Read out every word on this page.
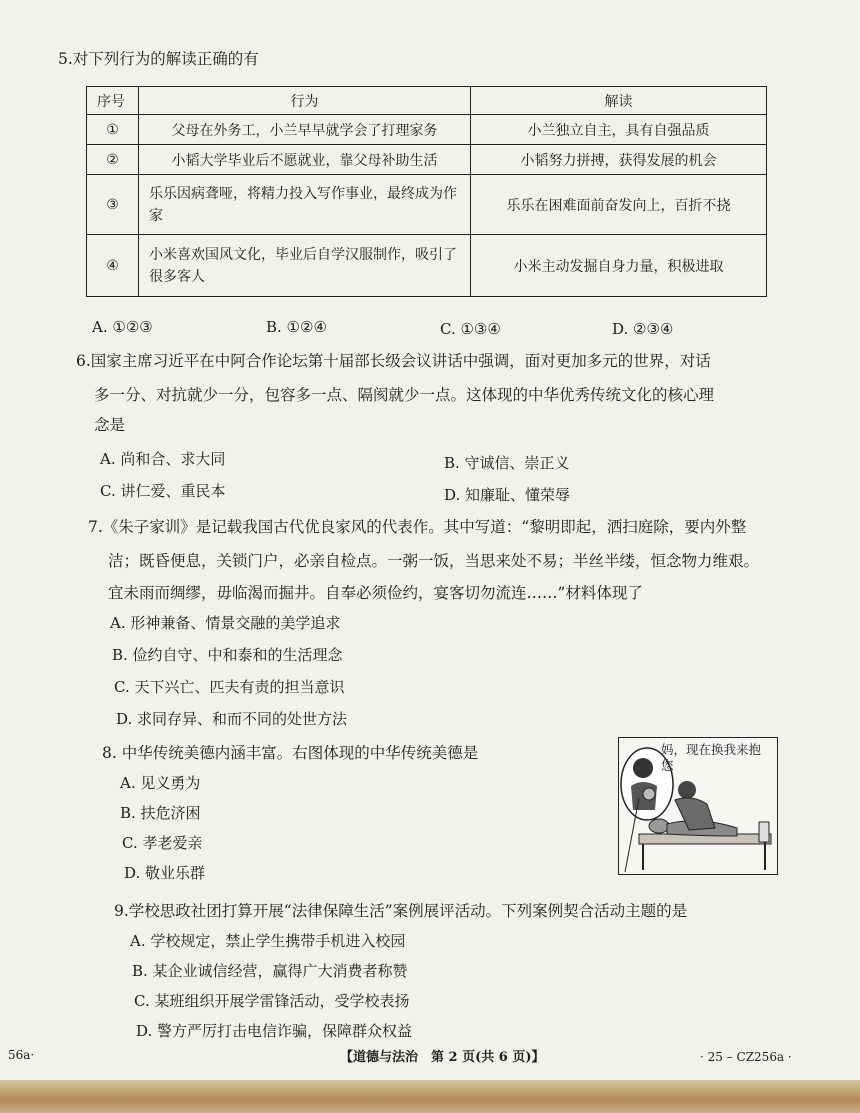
5.对下列行为的解读正确的有
序号	行为	解读
①	父母在外务工，小兰早早就学会了打理家务	小兰独立自主，具有自强品质
②	小韬大学毕业后不愿就业，靠父母补助生活	小韬努力拼搏，获得发展的机会
③	乐乐因病聋哑，将精力投入写作事业，最终成为作家	乐乐在困难面前奋发向上，百折不挠
④	小米喜欢国风文化，毕业后自学汉服制作，吸引了很多客人	小米主动发掘自身力量，积极进取
A. ①②③	B. ①②④	C. ①③④	D. ②③④
6.国家主席习近平在中阿合作论坛第十届部长级会议讲话中强调，面对更加多元的世界，对话
多一分、对抗就少一分，包容多一点、隔阂就少一点。这体现的中华优秀传统文化的核心理
念是
A. 尚和合、求大同	B. 守诚信、崇正义
C. 讲仁爱、重民本	D. 知廉耻、懂荣辱
7.《朱子家训》是记载我国古代优良家风的代表作。其中写道：“黎明即起，洒扫庭除，要内外整
洁；既昏便息，关锁门户，必亲自检点。一粥一饭，当思来处不易；半丝半缕，恒念物力维艰。
宜未雨而绸缪，毋临渴而掘井。自奉必须俭约，宴客切勿流连……”材料体现了
A. 形神兼备、情景交融的美学追求
B. 俭约自守、中和泰和的生活理念
C. 天下兴亡、匹夫有责的担当意识
D. 求同存异、和而不同的处世方法
8. 中华传统美德内涵丰富。右图体现的中华传统美德是
A. 见义勇为
B. 扶危济困
C. 孝老爱亲
D. 敬业乐群
妈，现在换我来抱您
9.学校思政社团打算开展“法律保障生活”案例展评活动。下列案例契合活动主题的是
A. 学校规定，禁止学生携带手机进入校园
B. 某企业诚信经营，赢得广大消费者称赞
C. 某班组织开展学雷锋活动，受学校表扬
D. 警方严厉打击电信诈骗，保障群众权益
56a·	【道德与法治　第 2 页(共 6 页)】	· 25 – CZ256a ·
